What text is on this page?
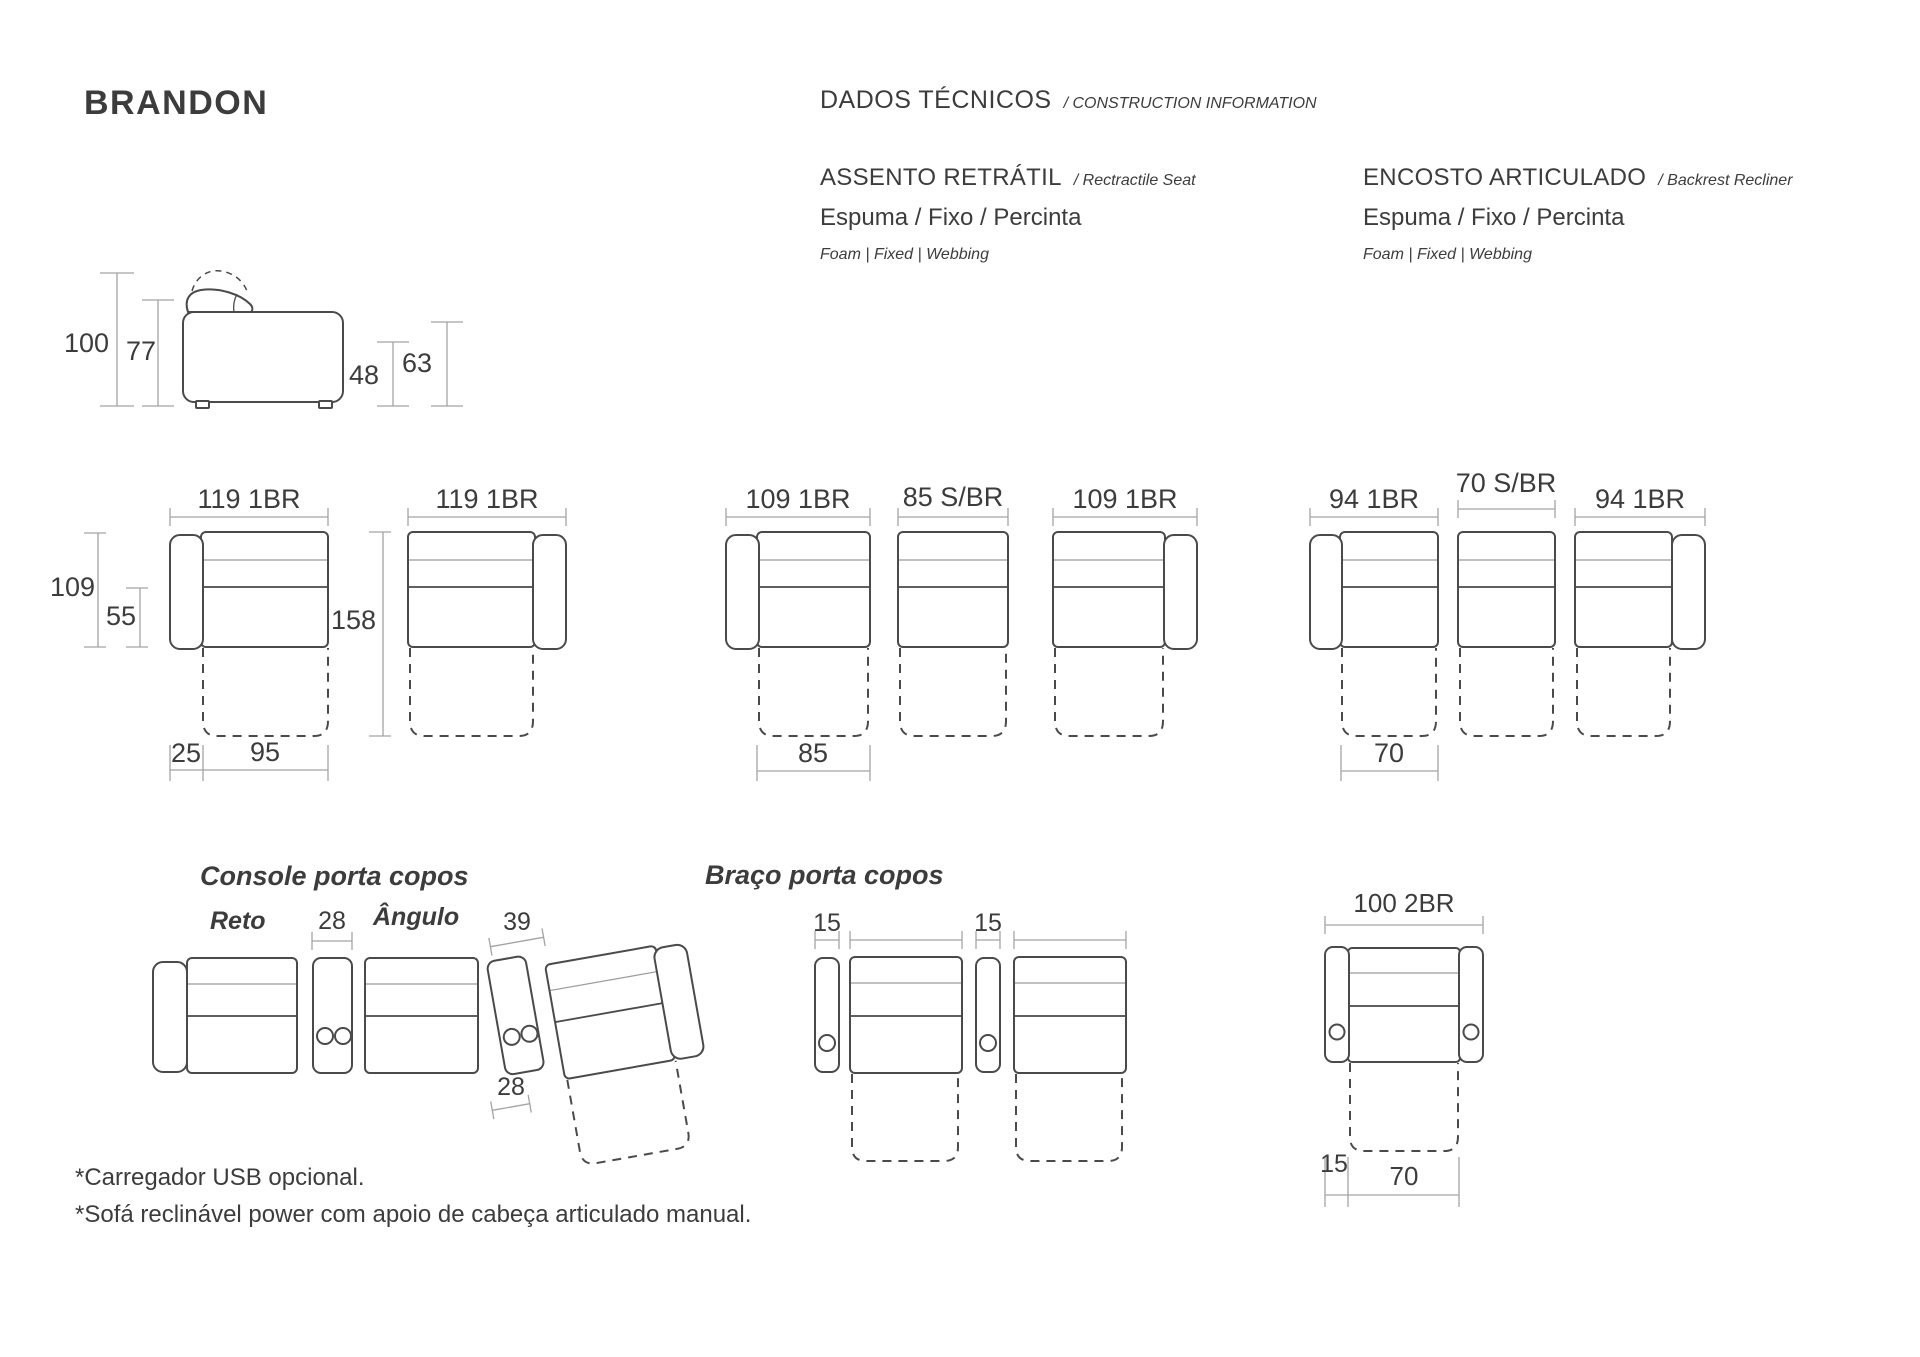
BRANDON	DADOS TÉCNICOS / CONSTRUCTION INFORMATION
ASSENTO RETRÁTIL / Rectractile Seat
Espuma / Fixo / Percinta
Foam | Fixed | Webbing
ENCOSTO ARTICULADO / Backrest Recliner
Espuma / Fixo / Percinta
Foam | Fixed | Webbing
100 77
48 63
119 1BR	119 1BR
109
55	158
25 95
109 1BR 85 S/BR	109 1BR
85
94 1BR
70 S/BR
94 1BR
70
Console porta copos
Reto 28 Ângulo 39
28
Braço porta copos
15	15
100 2BR
15 70
*Carregador USB opcional.
*Sofá reclinável power com apoio de cabeça articulado manual.
